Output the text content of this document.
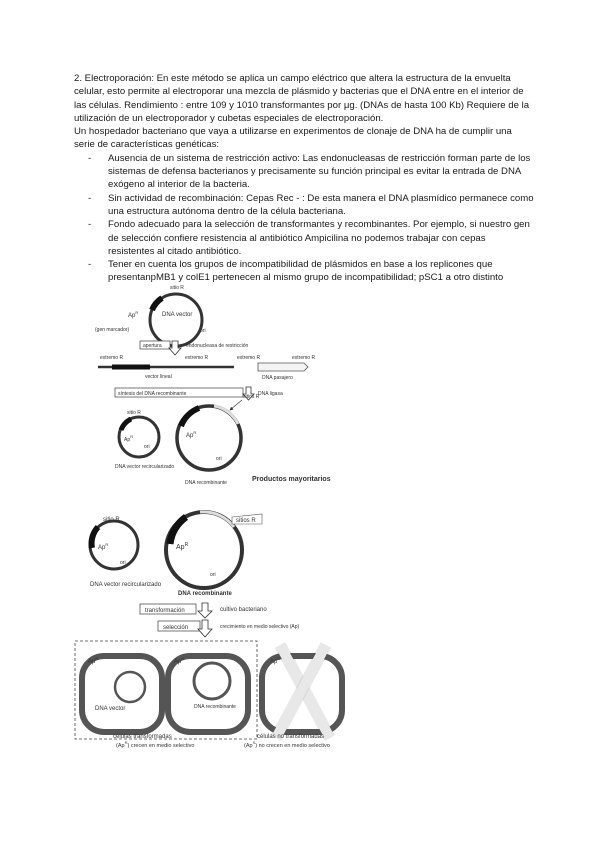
2. Electroporación: En este método se aplica un campo eléctrico que altera la estructura de la envuelta celular, esto permite al electroporar una mezcla de plásmido y bacterias que el DNA entre en el interior de las células. Rendimiento : entre 109 y 1010 transformantes por μg. (DNAs de hasta 100 Kb) Requiere de la utilización de un electroporador y cubetas especiales de electroporación.

Un hospedador bacteriano que vaya a utilizarse en experimentos de clonaje de DNA ha de cumplir una serie de características genéticas:

- Ausencia de un sistema de restricción activo: Las endonucleasas de restricción forman parte de los sistemas de defensa bacterianos y precisamente su función principal es evitar la entrada de DNA exógeno al interior de la bacteria.
- Sin actividad de recombinación: Cepas Rec - : De esta manera el DNA plasmídico permanece como una estructura autónoma dentro de la célula bacteriana.
- Fondo adecuado para la selección de transformantes y recombinantes. Por ejemplo, si nuestro gen de selección confiere resistencia al antibiótico Ampicilina no podemos trabajar con cepas resistentes al citado antibiótico.
- Tener en cuenta los grupos de incompatibilidad de plásmidos en base a los replicones que presentanpMB1 y colE1 pertenecen al mismo grupo de incompatibilidad; pSC1 a otro distinto
sitio R
$Ap^R$
(gen marcador)
DNA vector
ori
apertura	endonucleasa de restricción
extremo R	extremo R
vector lineal
extremo R	extremo R
DNA pasajero
síntesis del DNA recombinante	DNA ligasa
sitio R
$Ap^R$
ori
DNA vector recircularizado
$Ap^R$
ori
sitios R
DNA recombinante	Productos mayoritarios
sitio R
$Ap^R$
ori
DNA vector recircularizado
$Ap^R$
ori
sitios R
DNA recombinante
transformación	cultivo bacteriano
selección	crecimiento en medio selectivo (Ap)
$Ap^R$
DNA vector
$Ap^R$
DNA recombinante
células transformadas
$(Ap^R)$ crecen en medio selectivo
$Ap^S$
células no transformadas
$(Ap^S)$ no crecen en medio selectivo
